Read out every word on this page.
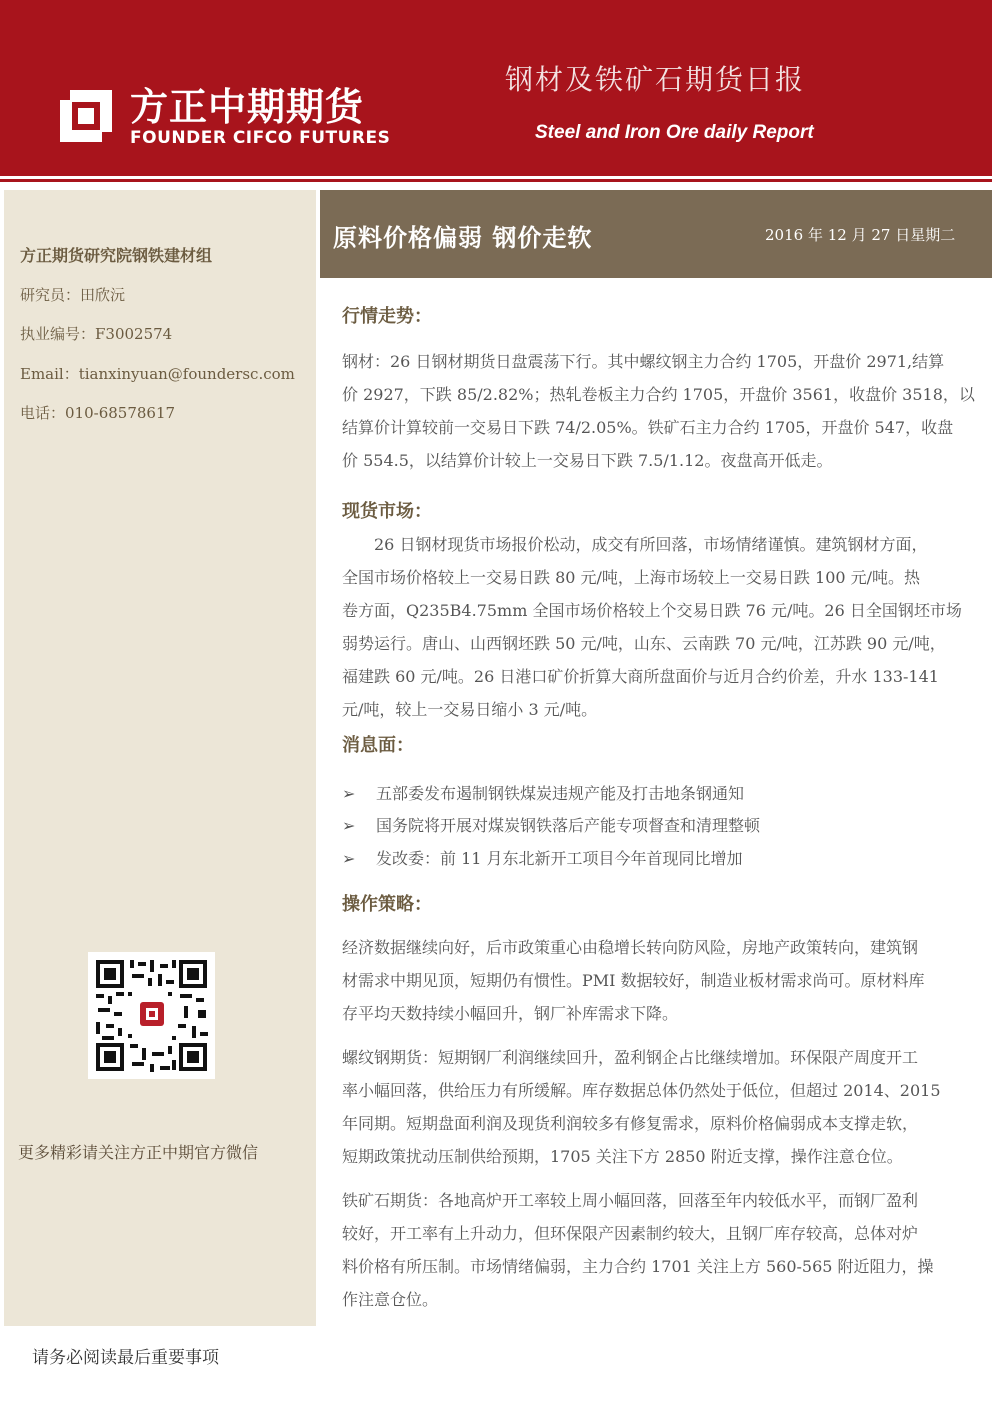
方正中期期货
FOUNDER CIFCO FUTURES
钢材及铁矿石期货日报
Steel and Iron Ore daily Report
方正期货研究院钢铁建材组
研究员：田欣沅
执业编号：F3002574
Email：tianxinyuan@foundersc.com
电话：010-68578617
更多精彩请关注方正中期官方微信
请务必阅读最后重要事项
原料价格偏弱 钢价走软	2016 年 12 月 27 日星期二
行情走势：
钢材：26 日钢材期货日盘震荡下行。其中螺纹钢主力合约 1705，开盘价 2971,结算
价 2927，下跌 85/2.82%；热轧卷板主力合约 1705，开盘价 3561，收盘价 3518，以
结算价计算较前一交易日下跌 74/2.05%。铁矿石主力合约 1705，开盘价 547，收盘
价 554.5，以结算价计较上一交易日下跌 7.5/1.12。夜盘高开低走。
现货市场：
　　26 日钢材现货市场报价松动，成交有所回落，市场情绪谨慎。建筑钢材方面，
全国市场价格较上一交易日跌 80 元/吨，上海市场较上一交易日跌 100 元/吨。热
卷方面，Q235B4.75mm 全国市场价格较上个交易日跌 76 元/吨。26 日全国钢坯市场
弱势运行。唐山、山西钢坯跌 50 元/吨，山东、云南跌 70 元/吨，江苏跌 90 元/吨，
福建跌 60 元/吨。26 日港口矿价折算大商所盘面价与近月合约价差，升水 133-141
元/吨，较上一交易日缩小 3 元/吨。
消息面：
➢ 五部委发布遏制钢铁煤炭违规产能及打击地条钢通知
➢ 国务院将开展对煤炭钢铁落后产能专项督查和清理整顿
➢ 发改委：前 11 月东北新开工项目今年首现同比增加
操作策略：
经济数据继续向好，后市政策重心由稳增长转向防风险，房地产政策转向，建筑钢
材需求中期见顶，短期仍有惯性。PMI 数据较好，制造业板材需求尚可。原材料库
存平均天数持续小幅回升，钢厂补库需求下降。
螺纹钢期货：短期钢厂利润继续回升，盈利钢企占比继续增加。环保限产周度开工
率小幅回落，供给压力有所缓解。库存数据总体仍然处于低位，但超过 2014、2015
年同期。短期盘面利润及现货利润较多有修复需求，原料价格偏弱成本支撑走软，
短期政策扰动压制供给预期，1705 关注下方 2850 附近支撑，操作注意仓位。
铁矿石期货：各地高炉开工率较上周小幅回落，回落至年内较低水平，而钢厂盈利
较好，开工率有上升动力，但环保限产因素制约较大，且钢厂库存较高，总体对炉
料价格有所压制。市场情绪偏弱，主力合约 1701 关注上方 560-565 附近阻力，操
作注意仓位。
